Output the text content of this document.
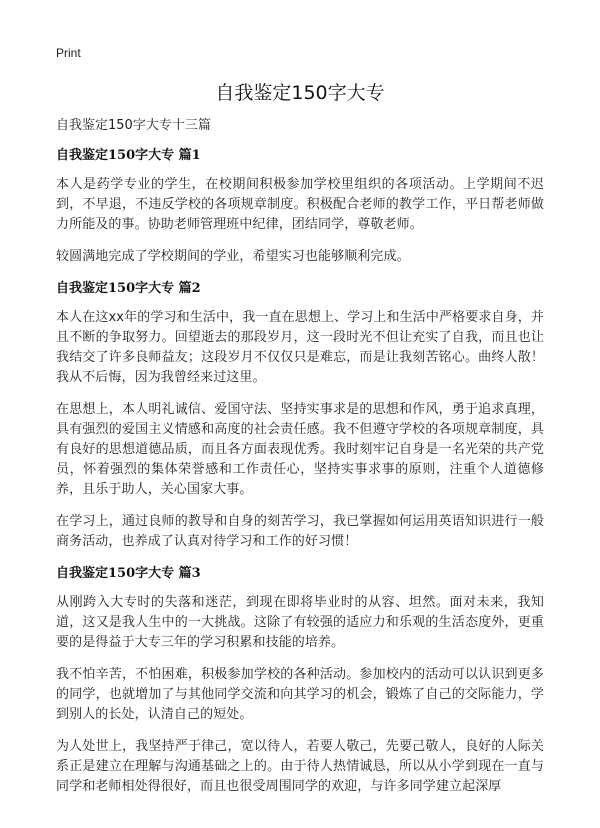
Print
自我鉴定150字大专

自我鉴定150字大专十三篇

自我鉴定150字大专 篇1

本人是药学专业的学生，在校期间积极参加学校里组织的各项活动。上学期间不迟到，不早退，不违反学校的各项规章制度。积极配合老师的教学工作，平日帮老师做力所能及的事。协助老师管理班中纪律，团结同学，尊敬老师。

较圆满地完成了学校期间的学业，希望实习也能够顺利完成。

自我鉴定150字大专 篇2

本人在这xx年的学习和生活中，我一直在思想上、学习上和生活中严格要求自身，并且不断的争取努力。回望逝去的那段岁月，这一段时光不但让充实了自我，而且也让我结交了许多良师益友；这段岁月不仅仅只是难忘，而是让我刻苦铭心。曲终人散！我从不后悔，因为我曾经来过这里。

在思想上，本人明礼诚信、爱国守法、坚持实事求是的思想和作风，勇于追求真理，具有强烈的爱国主义情感和高度的社会责任感。我不但遵守学校的各项规章制度，具有良好的思想道德品质，而且各方面表现优秀。我时刻牢记自身是一名光荣的共产党员，怀着强烈的集体荣誉感和工作责任心，坚持实事求事的原则，注重个人道德修养，且乐于助人，关心国家大事。

在学习上，通过良师的教导和自身的刻苦学习，我已掌握如何运用英语知识进行一般商务活动，也养成了认真对待学习和工作的好习惯！

自我鉴定150字大专 篇3

从刚跨入大专时的失落和迷茫，到现在即将毕业时的从容、坦然。面对未来，我知道，这又是我人生中的一大挑战。这除了有较强的适应力和乐观的生活态度外，更重要的是得益于大专三年的学习积累和技能的培养。

我不怕辛苦，不怕困难，积极参加学校的各种活动。参加校内的活动可以认识到更多的同学，也就增加了与其他同学交流和向其学习的机会，锻炼了自己的交际能力，学到别人的长处，认清自己的短处。

为人处世上，我坚持严于律己，宽以待人，若要人敬己，先要己敬人，良好的人际关系正是建立在理解与沟通基础之上的。由于待人热情诚恳，所以从小学到现在一直与同学和老师相处得很好，而且也很受周围同学的欢迎，与许多同学建立起深厚
